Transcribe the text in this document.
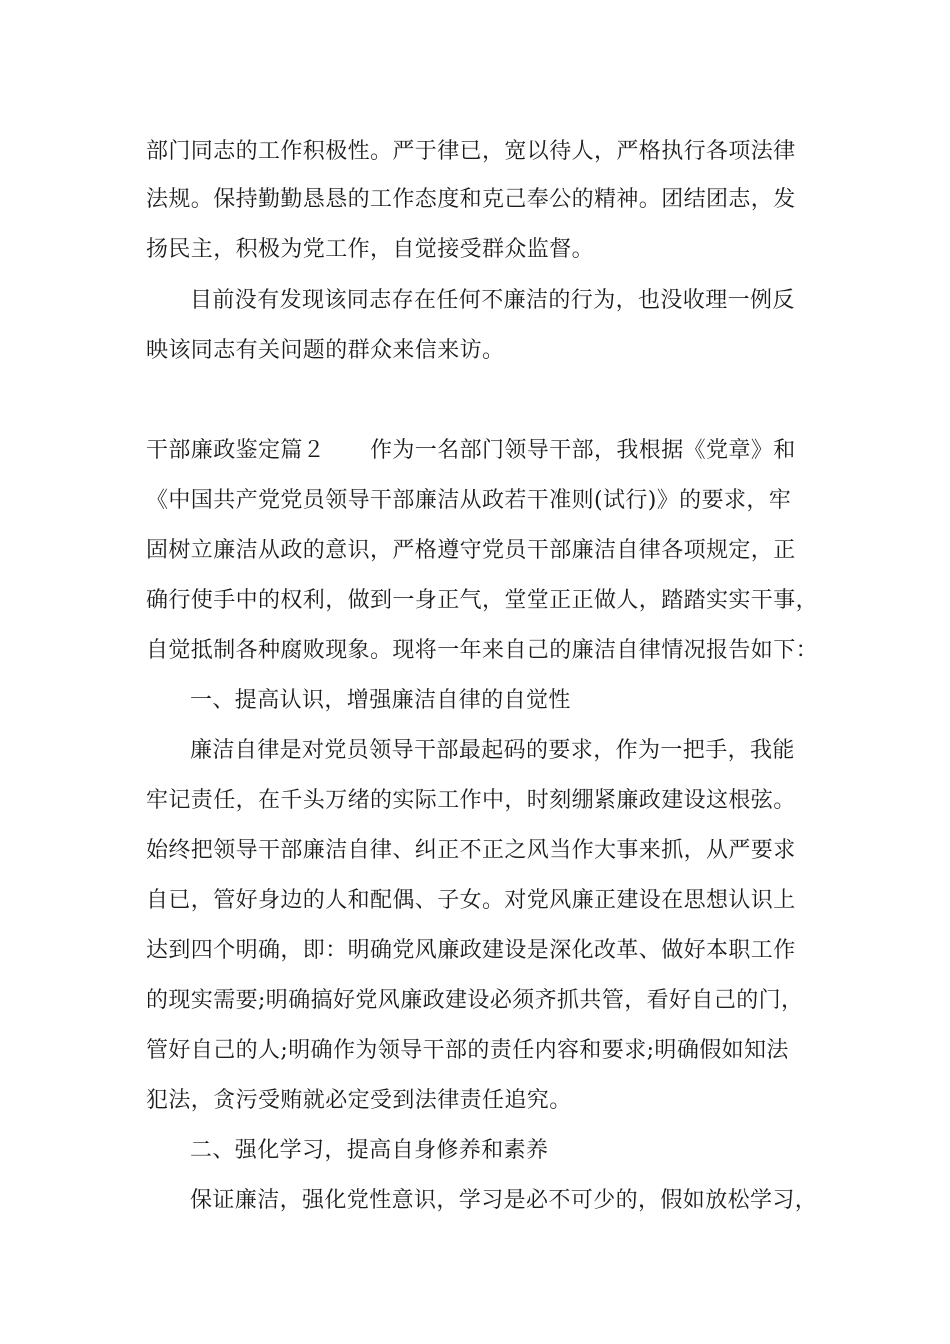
部门同志的工作积极性。严于律已，宽以待人，严格执行各项法律
法规。保持勤勤恳恳的工作态度和克己奉公的精神。团结团志，发
扬民主，积极为党工作，自觉接受群众监督。
目前没有发现该同志存在任何不廉洁的行为，也没收理一例反
映该同志有关问题的群众来信来访。
干部廉政鉴定篇２　　作为一名部门领导干部，我根据《党章》和
《中国共产党党员领导干部廉洁从政若干准则(试行)》的要求，牢
固树立廉洁从政的意识，严格遵守党员干部廉洁自律各项规定，正
确行使手中的权利，做到一身正气，堂堂正正做人，踏踏实实干事，
自觉抵制各种腐败现象。现将一年来自己的廉洁自律情况报告如下：
一、提高认识，增强廉洁自律的自觉性
廉洁自律是对党员领导干部最起码的要求，作为一把手，我能
牢记责任，在千头万绪的实际工作中，时刻绷紧廉政建设这根弦。
始终把领导干部廉洁自律、纠正不正之风当作大事来抓，从严要求
自已，管好身边的人和配偶、子女。对党风廉正建设在思想认识上
达到四个明确，即：明确党风廉政建设是深化改革、做好本职工作
的现实需要;明确搞好党风廉政建设必须齐抓共管，看好自己的门，
管好自己的人;明确作为领导干部的责任内容和要求;明确假如知法
犯法，贪污受贿就必定受到法律责任追究。
二、强化学习，提高自身修养和素养
保证廉洁，强化党性意识，学习是必不可少的，假如放松学习，
